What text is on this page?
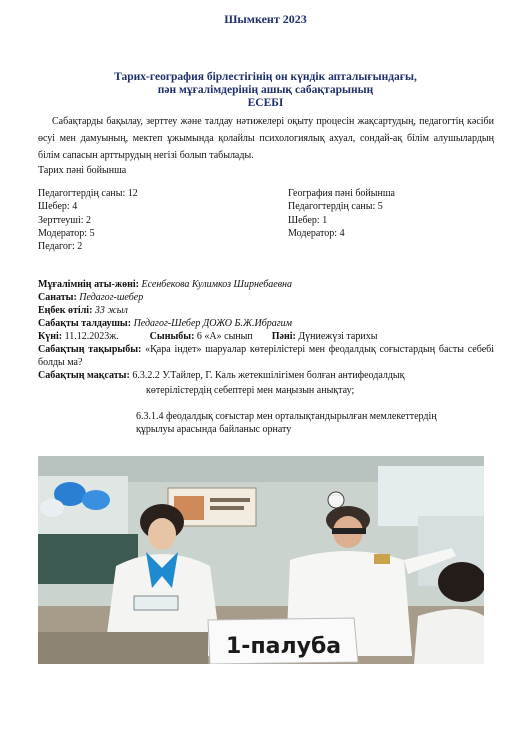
Шымкент 2023
Тарих-география бірлестігінің он күндік апталығындағы,
пән мұғалімдерінің ашық сабақтарының
ЕСЕБІ
Сабақтарды бақылау, зерттеу және талдау нәтижелері оқыту процесін жақсартудың, педагогтің кәсіби өсуі мен дамуының, мектеп ұжымында қолайлы психологиялық ахуал, сондай-ақ білім алушылардың білім сапасын арттырудың негізі болып табылады.
Тарих пәні бойынша
Педагогтердің саны: 12
Шебер: 4
Зерттеуші: 2
Модератор: 5
Педагог: 2
География пәні бойынша
Педагогтердің саны: 5
Шебер: 1
Модератор: 4
Мұғалімнің аты-жөні: Есенбекова Кулимкоз Ширнебаевна
Санаты: Педагог-шебер
Еңбек өтілі: 33 жыл
Сабақты талдаушы: Педагог-Шебер ДОЖО Б.Ж.Ибрагим
Күні: 11.12.2023ж.	Сыныбы: 6 «А» сынып Пәні: Дүниежүзі тарихы
Сабақтың тақырыбы: «Қара індет» шаруалар көтерілістері мен феодалдық соғыстардың басты себебі болды ма?
Сабақтың мақсаты: 6.3.2.2 У.Тайлер, Г. Каль жетекшілігімен болған антифеодалдық
көтерілістердің себептері мен маңызын анықтау;
6.3.1.4 феодалдық соғыстар мен орталықтандырылған мемлекеттердің құрылуы арасында байланыс орнату
1-палуба
